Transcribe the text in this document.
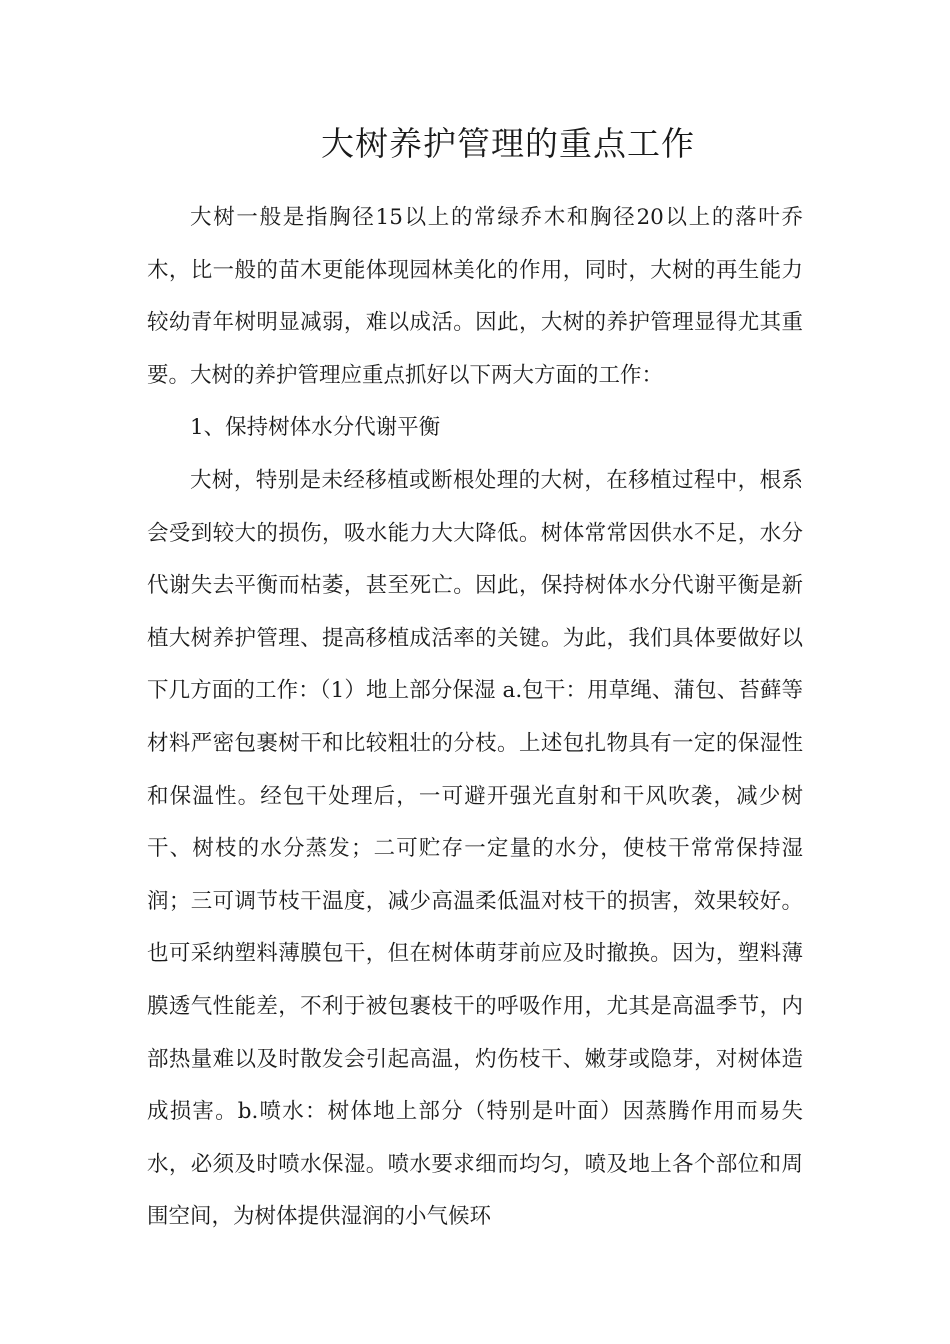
大树养护管理的重点工作

大树一般是指胸径15以上的常绿乔木和胸径20以上的落叶乔木，比一般的苗木更能体现园林美化的作用，同时，大树的再生能力较幼青年树明显减弱，难以成活。因此，大树的养护管理显得尤其重要。大树的养护管理应重点抓好以下两大方面的工作：

1、保持树体水分代谢平衡

大树，特别是未经移植或断根处理的大树，在移植过程中，根系会受到较大的损伤，吸水能力大大降低。树体常常因供水不足，水分代谢失去平衡而枯萎，甚至死亡。因此，保持树体水分代谢平衡是新植大树养护管理、提高移植成活率的关键。为此，我们具体要做好以下几方面的工作：（1）地上部分保湿 a.包干：用草绳、蒲包、苔藓等材料严密包裹树干和比较粗壮的分枝。上述包扎物具有一定的保湿性和保温性。经包干处理后，一可避开强光直射和干风吹袭，减少树干、树枝的水分蒸发；二可贮存一定量的水分，使枝干常常保持湿润；三可调节枝干温度，减少高温柔低温对枝干的损害，效果较好。也可采纳塑料薄膜包干，但在树体萌芽前应及时撤换。因为，塑料薄膜透气性能差，不利于被包裹枝干的呼吸作用，尤其是高温季节，内部热量难以及时散发会引起高温，灼伤枝干、嫩芽或隐芽，对树体造成损害。b.喷水：树体地上部分（特别是叶面）因蒸腾作用而易失水，必须及时喷水保湿。喷水要求细而均匀，喷及地上各个部位和周围空间，为树体提供湿润的小气候环
